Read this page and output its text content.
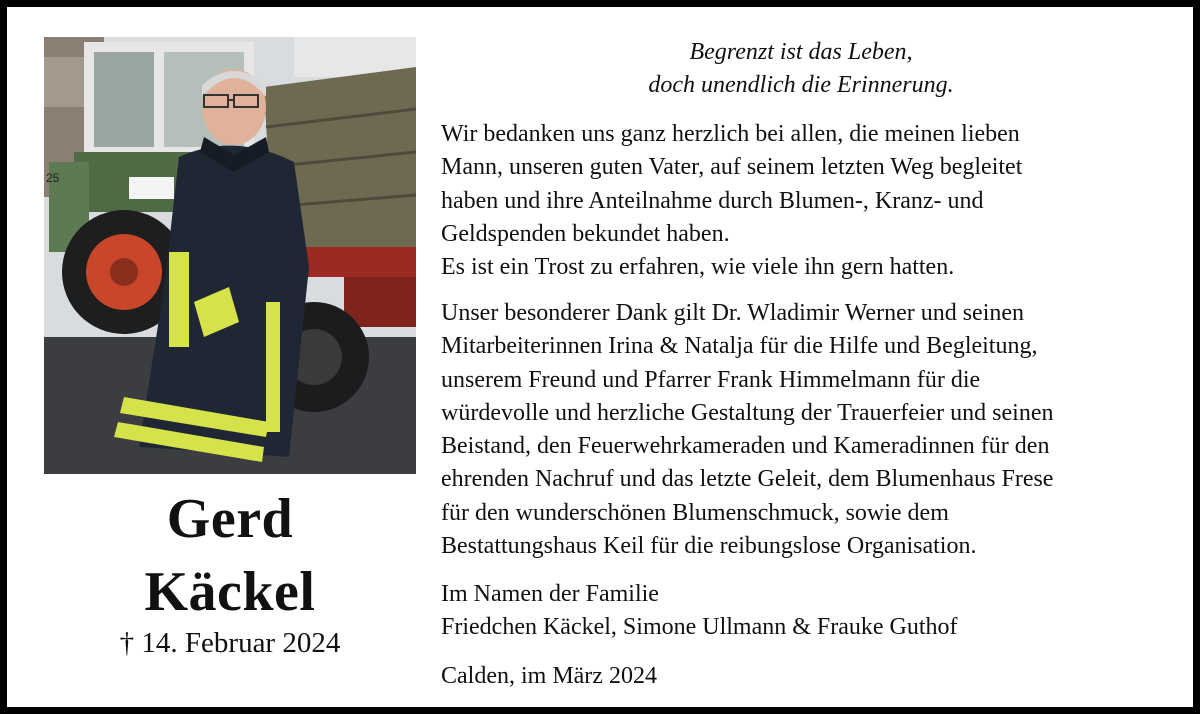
25
Gerd
Käckel
† 14. Februar 2024
Begrenzt ist das Leben,
doch unendlich die Erinnerung.
Wir bedanken uns ganz herzlich bei allen, die meinen lieben
Mann, unseren guten Vater, auf seinem letzten Weg begleitet
haben und ihre Anteilnahme durch Blumen-, Kranz- und
Geldspenden bekundet haben.
Es ist ein Trost zu erfahren, wie viele ihn gern hatten.
Unser besonderer Dank gilt Dr. Wladimir Werner und seinen
Mitarbeiterinnen Irina & Natalja für die Hilfe und Begleitung,
unserem Freund und Pfarrer Frank Himmelmann für die
würdevolle und herzliche Gestaltung der Trauerfeier und seinen
Beistand, den Feuerwehrkameraden und Kameradinnen für den
ehrenden Nachruf und das letzte Geleit, dem Blumenhaus Frese
für den wunderschönen Blumenschmuck, sowie dem
Bestattungshaus Keil für die reibungslose Organisation.
Im Namen der Familie
Friedchen Käckel, Simone Ullmann & Frauke Guthof
Calden, im März 2024
